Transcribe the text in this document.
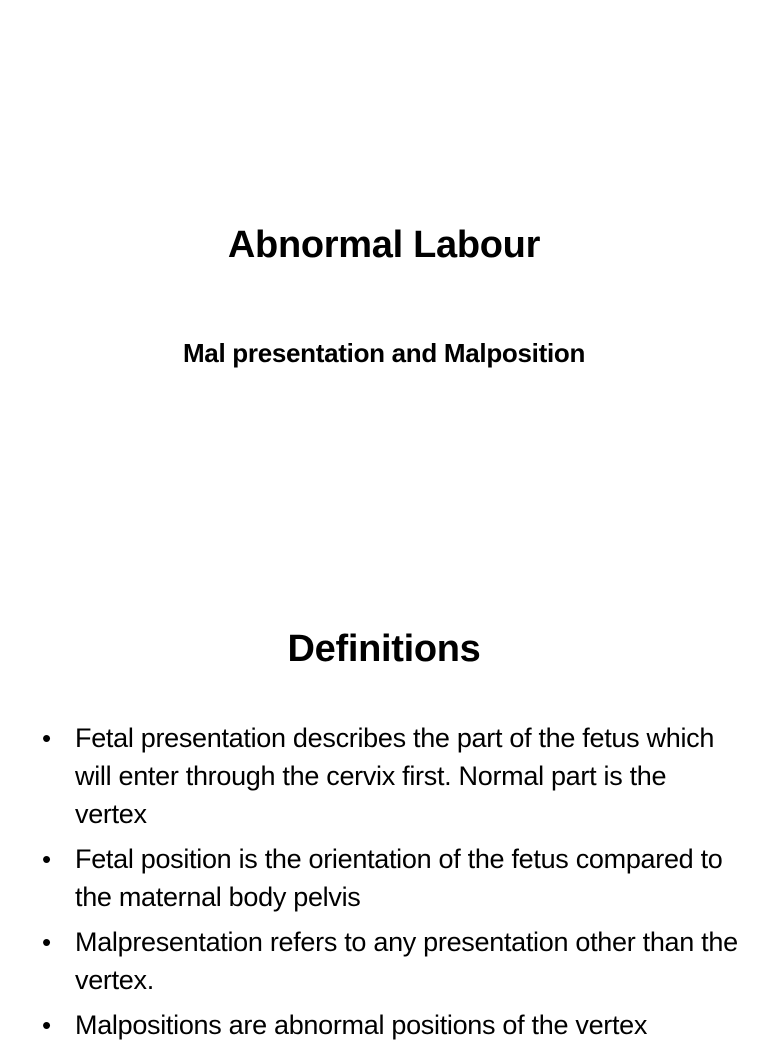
Abnormal Labour
Mal presentation and Malposition
Definitions
• Fetal presentation describes the part of the fetus which will enter through the cervix first. Normal part is the vertex
• Fetal position is the orientation of the fetus compared to the maternal body pelvis
• Malpresentation refers to any presentation other than the vertex.
• Malpositions are abnormal positions of the vertex
